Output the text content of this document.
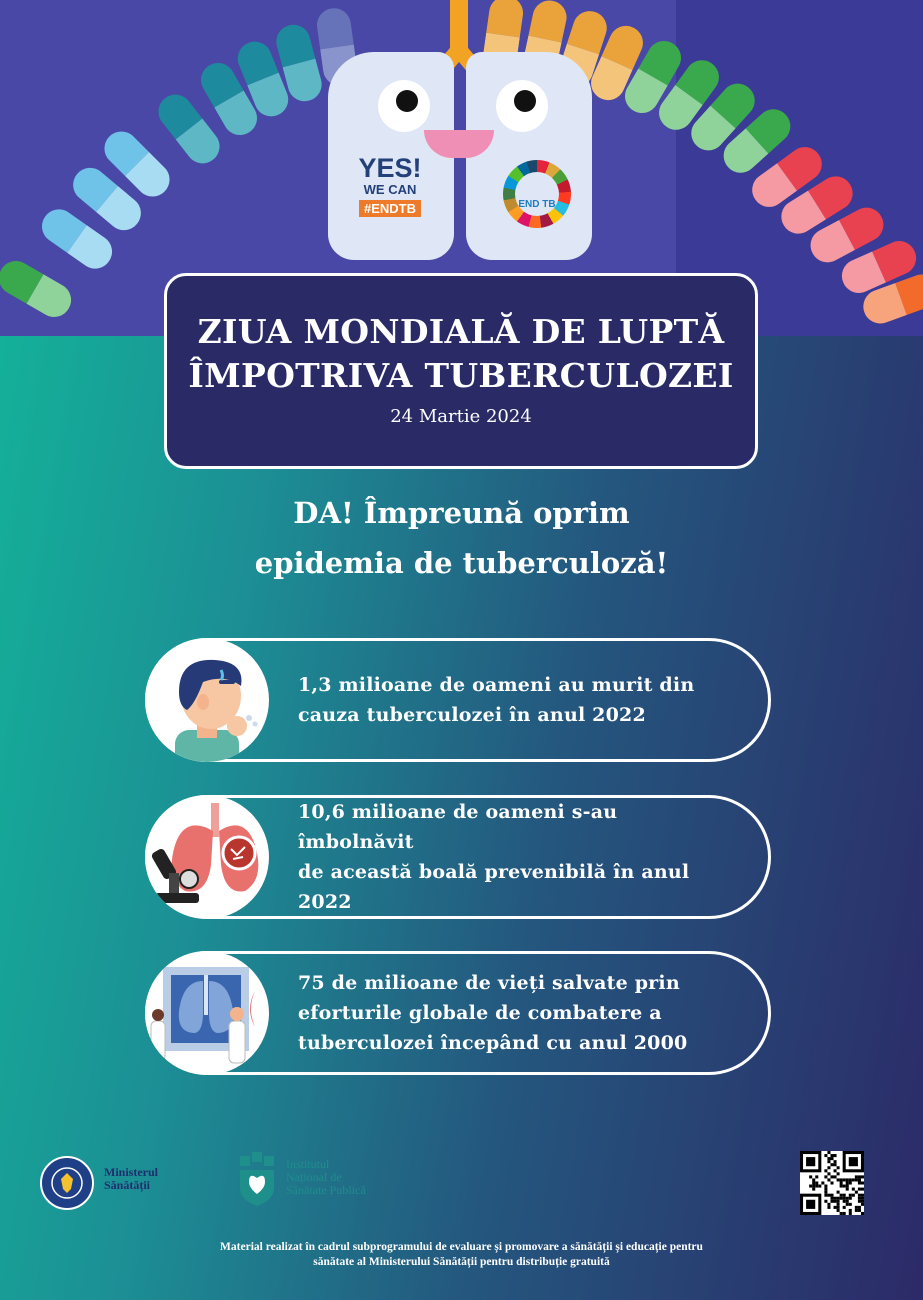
YES!
WE CAN
#ENDTB	END TB
ZIUA MONDIALĂ DE LUPTĂ
ÎMPOTRIVA TUBERCULOZEI
24 Martie 2024
DA! Împreună oprim
epidemia de tuberculoză!
1,3 milioane de oameni au murit din
cauza tuberculozei în anul 2022
10,6 milioane de oameni s-au îmbolnăvit
de această boală prevenibilă în anul 2022
75 de milioane de vieți salvate prin
eforturile globale de combatere a
tuberculozei începând cu anul 2000
Ministerul
Sănătății
Institutul
Național de
Sănătate Publică
Material realizat în cadrul subprogramului de evaluare și promovare a sănătății și educație pentru
sănătate al Ministerului Sănătății pentru distribuție gratuită
